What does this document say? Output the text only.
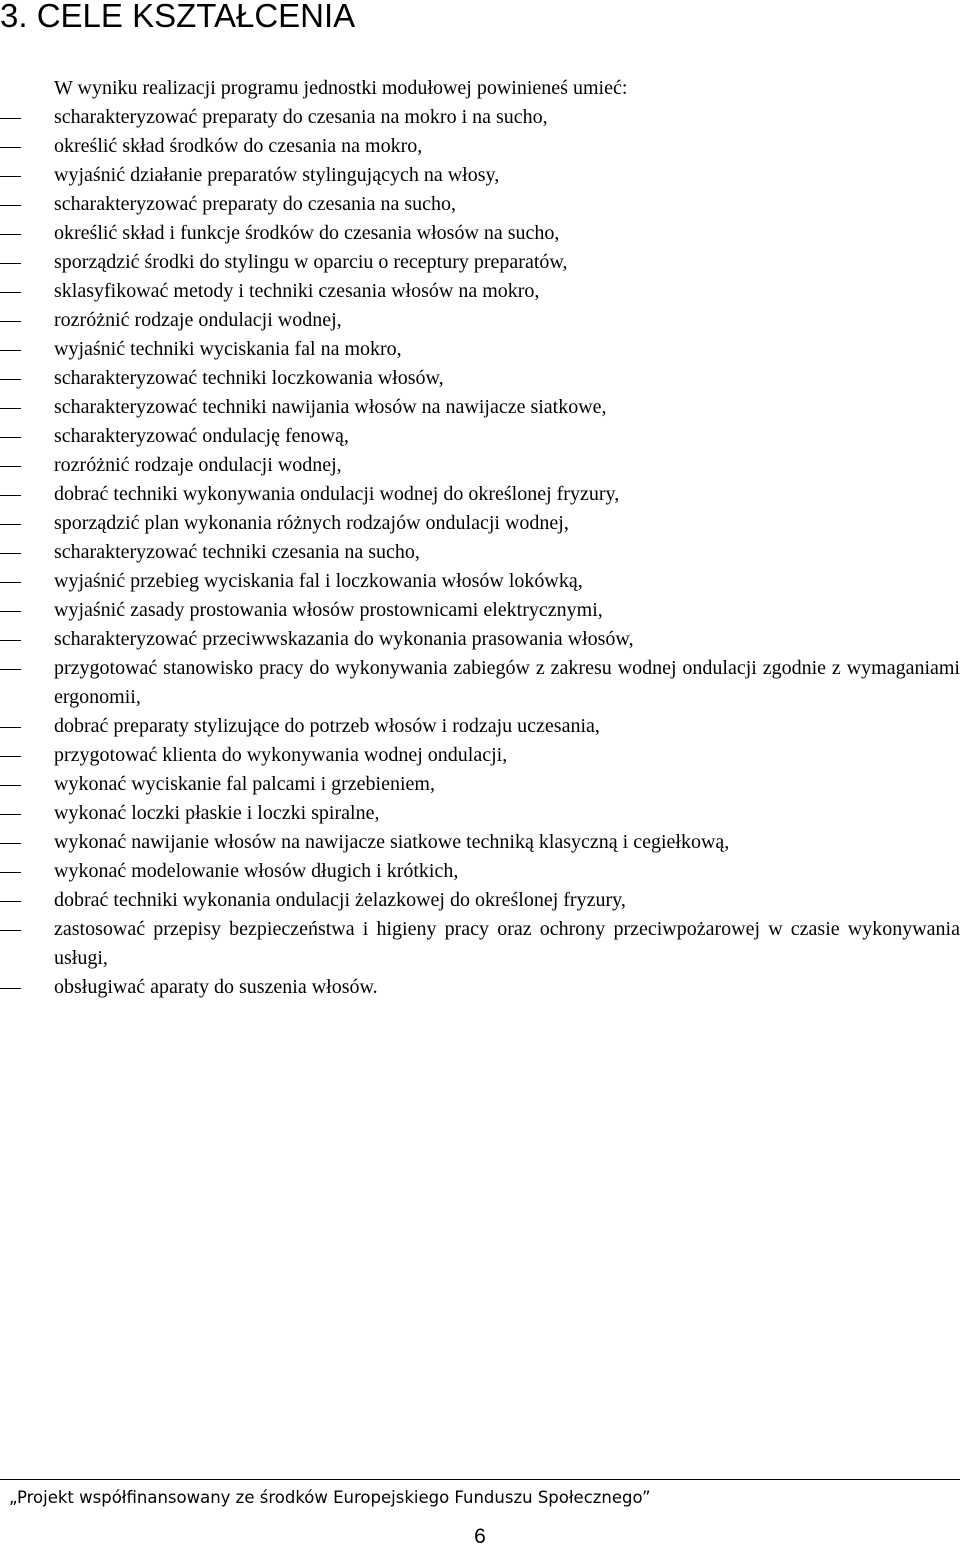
3. CELE KSZTAŁCENIA

W wyniku realizacji programu jednostki modułowej powinieneś umieć:

scharakteryzować preparaty do czesania na mokro i na sucho,
określić skład środków do czesania na mokro,
wyjaśnić działanie preparatów stylingujących na włosy,
scharakteryzować preparaty do czesania na sucho,
określić skład i funkcje środków do czesania włosów na sucho,
sporządzić środki do stylingu w oparciu o receptury preparatów,
sklasyfikować metody i techniki czesania włosów na mokro,
rozróżnić rodzaje ondulacji wodnej,
wyjaśnić techniki wyciskania fal na mokro,
scharakteryzować techniki loczkowania włosów,
scharakteryzować techniki nawijania włosów na nawijacze siatkowe,
scharakteryzować ondulację fenową,
rozróżnić rodzaje ondulacji wodnej,
dobrać techniki wykonywania ondulacji wodnej do określonej fryzury,
sporządzić plan wykonania różnych rodzajów ondulacji wodnej,
scharakteryzować techniki czesania na sucho,
wyjaśnić przebieg wyciskania fal i loczkowania włosów lokówką,
wyjaśnić zasady prostowania włosów prostownicami elektrycznymi,
scharakteryzować przeciwwskazania do wykonania prasowania włosów,
przygotować stanowisko pracy do wykonywania zabiegów z zakresu wodnej ondulacji zgodnie z wymaganiami ergonomii,
dobrać preparaty stylizujące do potrzeb włosów i rodzaju uczesania,
przygotować klienta do wykonywania wodnej ondulacji,
wykonać wyciskanie fal palcami i grzebieniem,
wykonać loczki płaskie i loczki spiralne,
wykonać nawijanie włosów na nawijacze siatkowe techniką klasyczną i cegiełkową,
wykonać modelowanie włosów długich i krótkich,
dobrać techniki wykonania ondulacji żelazkowej do określonej fryzury,
zastosować przepisy bezpieczeństwa i higieny pracy oraz ochrony przeciwpożarowej w czasie wykonywania usługi,
obsługiwać aparaty do suszenia włosów.
„Projekt współfinansowany ze środków Europejskiego Funduszu Społecznego”
6
